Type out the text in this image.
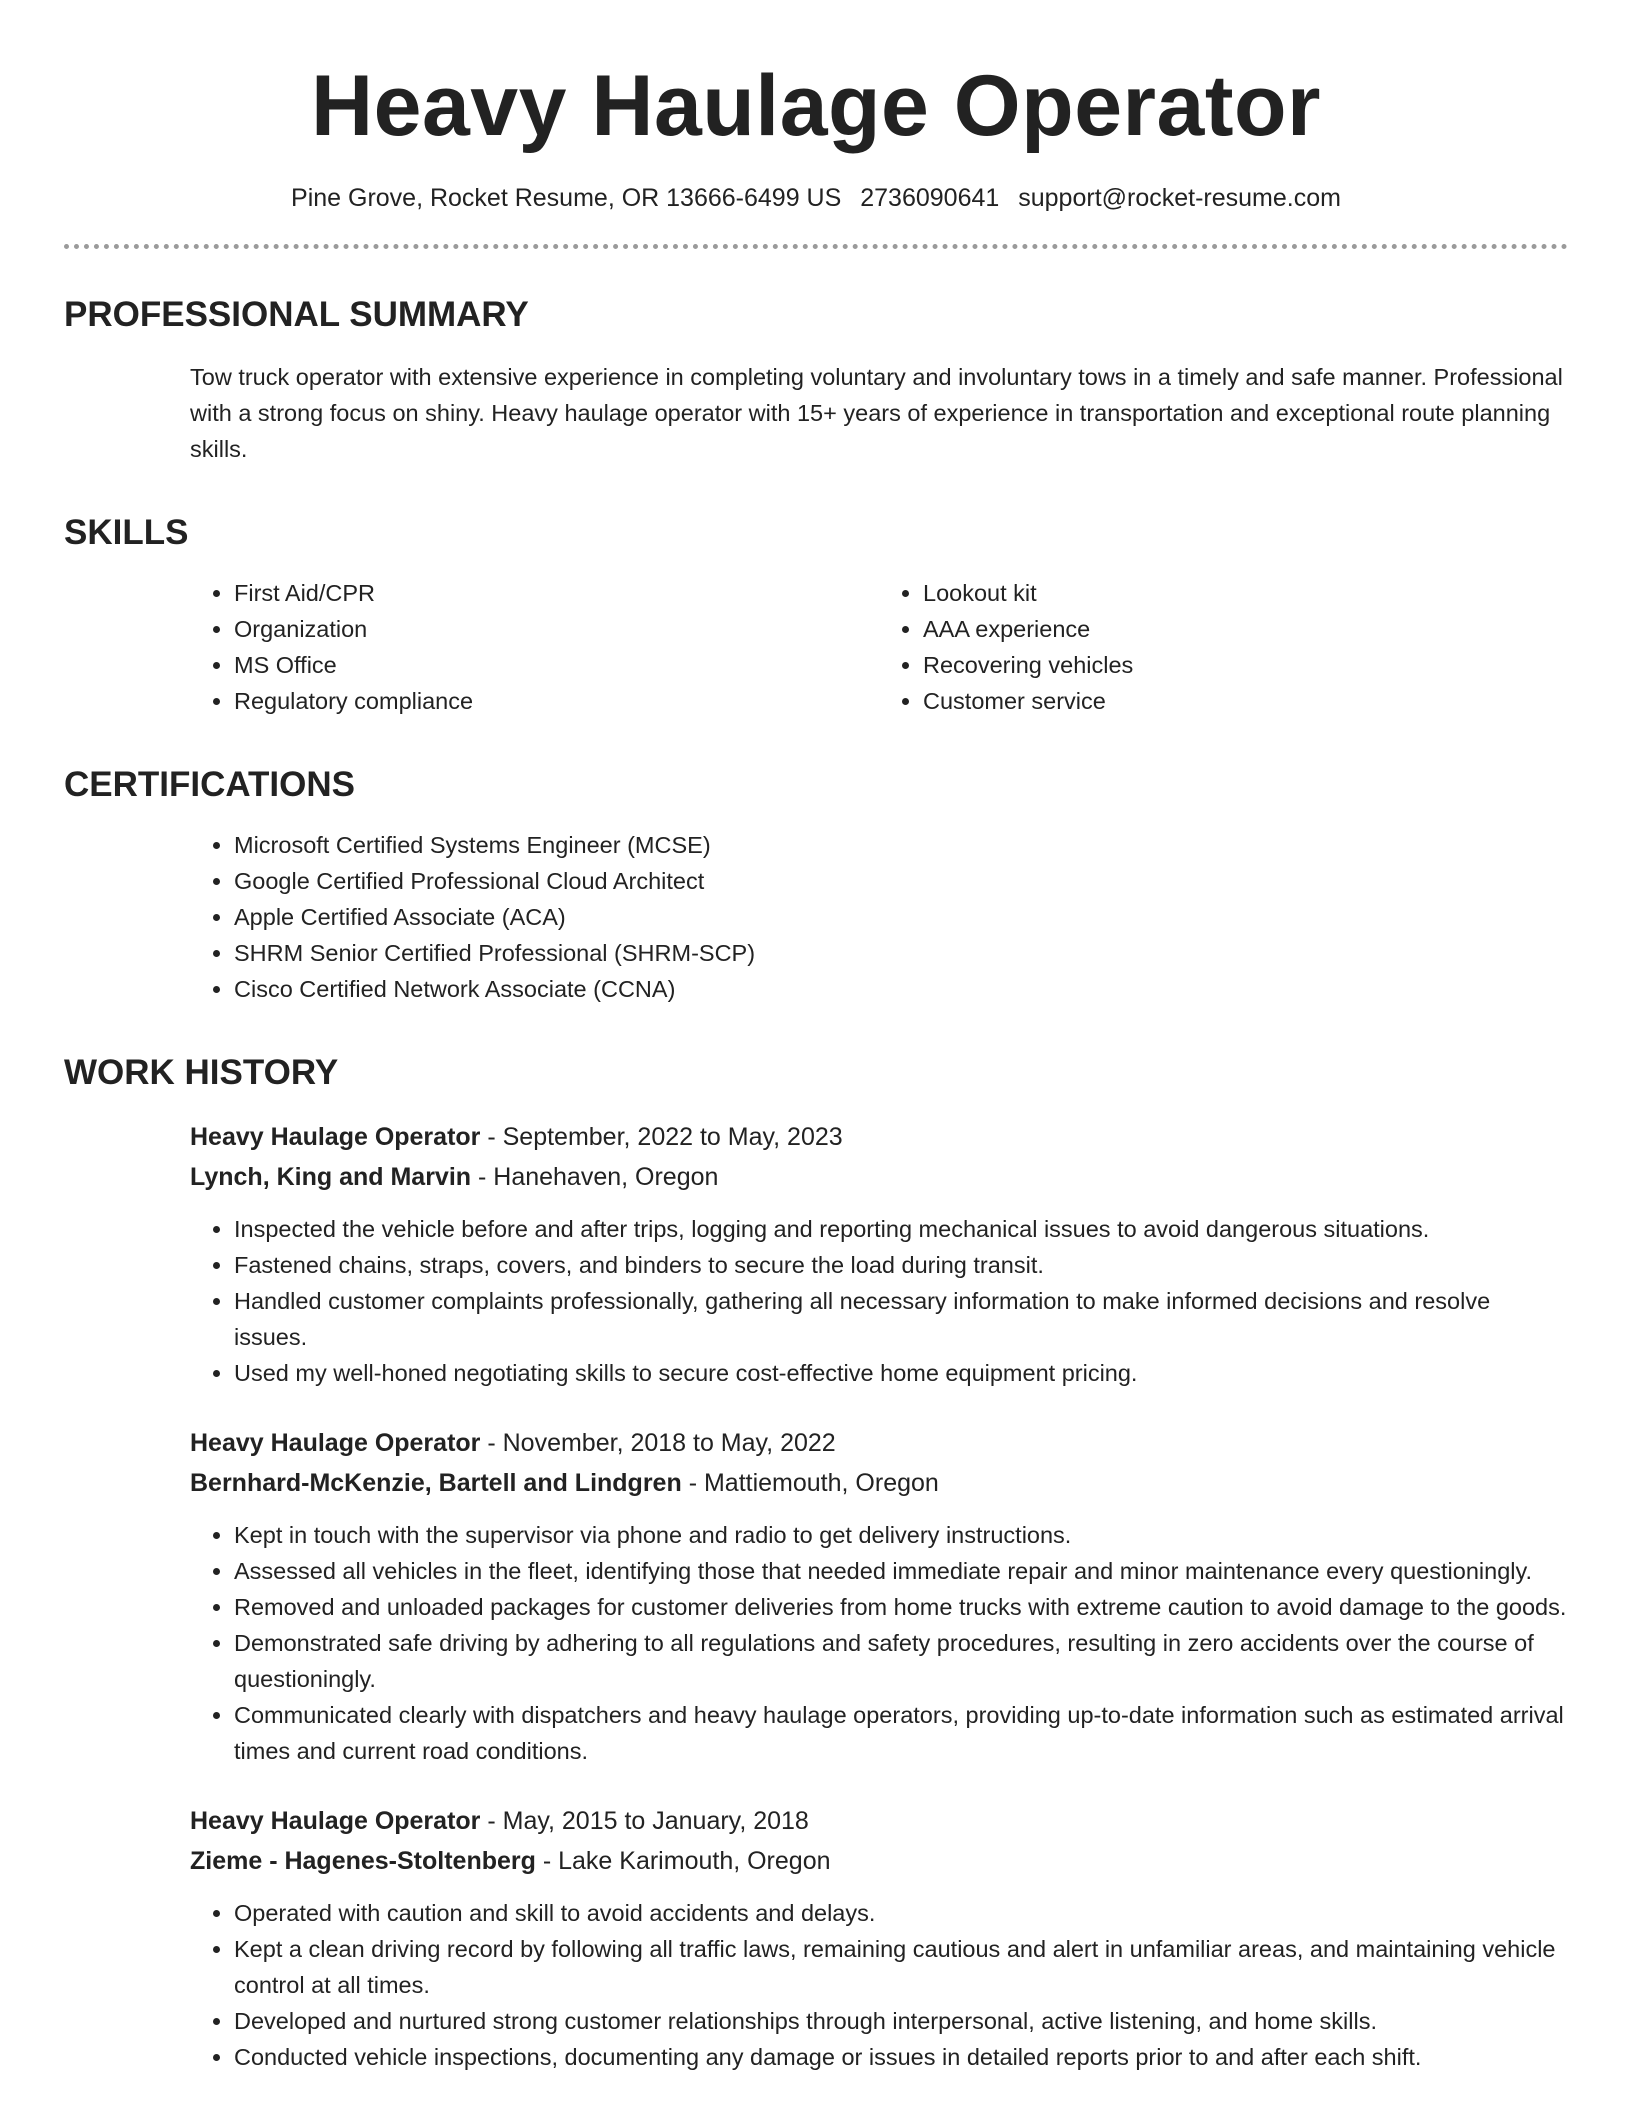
Heavy Haulage Operator
Pine Grove, Rocket Resume, OR 13666-6499 US 2736090641 support@rocket-resume.com
PROFESSIONAL SUMMARY

Tow truck operator with extensive experience in completing voluntary and involuntary tows in a timely and safe manner. Professional with a strong focus on shiny. Heavy haulage operator with 15+ years of experience in transportation and exceptional route planning skills.

SKILLS
• First Aid/CPR
• Organization
• MS Office
• Regulatory compliance
• Lookout kit
• AAA experience
• Recovering vehicles
• Customer service
CERTIFICATIONS
• Microsoft Certified Systems Engineer (MCSE)
• Google Certified Professional Cloud Architect
• Apple Certified Associate (ACA)
• SHRM Senior Certified Professional (SHRM-SCP)
• Cisco Certified Network Associate (CCNA)
WORK HISTORY
Heavy Haulage Operator - September, 2022 to May, 2023
Lynch, King and Marvin - Hanehaven, Oregon
• Inspected the vehicle before and after trips, logging and reporting mechanical issues to avoid dangerous situations.
• Fastened chains, straps, covers, and binders to secure the load during transit.
• Handled customer complaints professionally, gathering all necessary information to make informed decisions and resolve issues.
• Used my well-honed negotiating skills to secure cost-effective home equipment pricing.
Heavy Haulage Operator - November, 2018 to May, 2022
Bernhard-McKenzie, Bartell and Lindgren - Mattiemouth, Oregon
• Kept in touch with the supervisor via phone and radio to get delivery instructions.
• Assessed all vehicles in the fleet, identifying those that needed immediate repair and minor maintenance every questioningly.
• Removed and unloaded packages for customer deliveries from home trucks with extreme caution to avoid damage to the goods.
• Demonstrated safe driving by adhering to all regulations and safety procedures, resulting in zero accidents over the course of questioningly.
• Communicated clearly with dispatchers and heavy haulage operators, providing up-to-date information such as estimated arrival times and current road conditions.
Heavy Haulage Operator - May, 2015 to January, 2018
Zieme - Hagenes-Stoltenberg - Lake Karimouth, Oregon
• Operated with caution and skill to avoid accidents and delays.
• Kept a clean driving record by following all traffic laws, remaining cautious and alert in unfamiliar areas, and maintaining vehicle control at all times.
• Developed and nurtured strong customer relationships through interpersonal, active listening, and home skills.
• Conducted vehicle inspections, documenting any damage or issues in detailed reports prior to and after each shift.
